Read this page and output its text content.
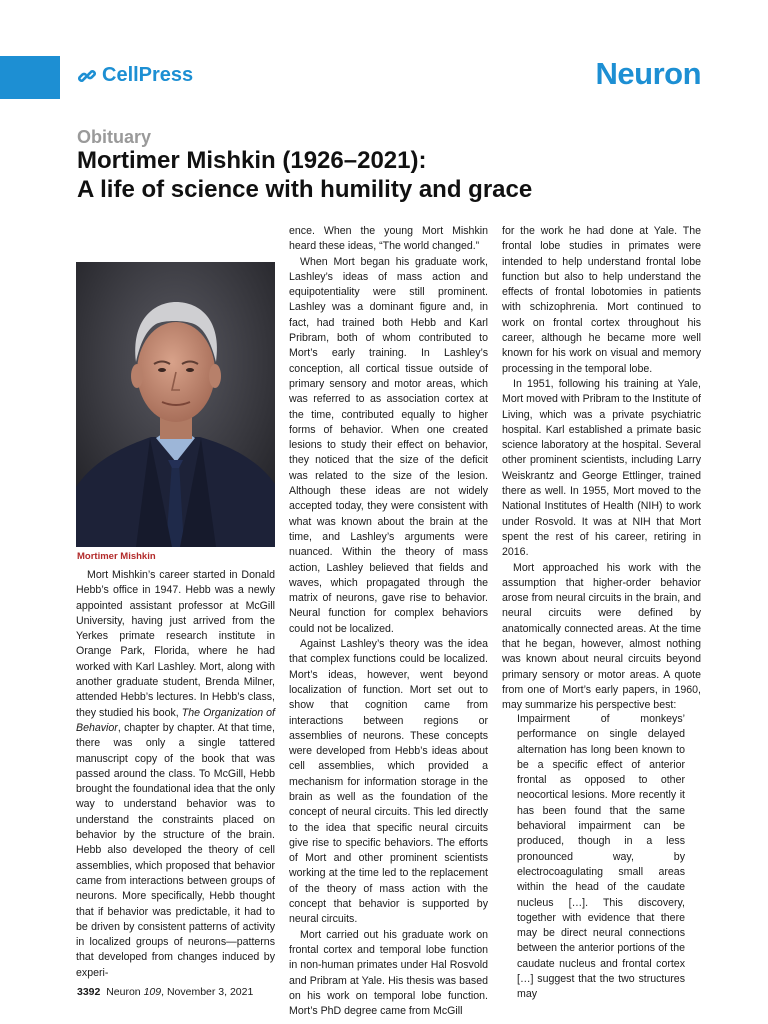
CellPress	Neuron
Obituary
Mortimer Mishkin (1926–2021):
A life of science with humility and grace
Mortimer Mishkin

Mort Mishkin’s career started in Donald Hebb’s office in 1947. Hebb was a newly appointed assistant professor at McGill University, having just arrived from the Yerkes primate research institute in Orange Park, Florida, where he had worked with Karl Lashley. Mort, along with another graduate student, Brenda Milner, attended Hebb’s lectures. In Hebb’s class, they studied his book, The Organization of Behavior, chapter by chapter. At that time, there was only a single tattered manuscript copy of the book that was passed around the class. To McGill, Hebb brought the foundational idea that the only way to understand behavior was to understand the constraints placed on behavior by the structure of the brain. Hebb also developed the theory of cell assemblies, which proposed that behavior came from interactions between groups of neurons. More specifically, Hebb thought that if behavior was predictable, it had to be driven by consistent patterns of activity in localized groups of neurons—patterns that developed from changes induced by experi-

ence. When the young Mort Mishkin heard these ideas, “The world changed.”

When Mort began his graduate work, Lashley’s ideas of mass action and equipotentiality were still prominent. Lashley was a dominant figure and, in fact, had trained both Hebb and Karl Pribram, both of whom contributed to Mort’s early training. In Lashley’s conception, all cortical tissue outside of primary sensory and motor areas, which was referred to as association cortex at the time, contributed equally to higher forms of behavior. When one created lesions to study their effect on behavior, they noticed that the size of the deficit was related to the size of the lesion. Although these ideas are not widely accepted today, they were consistent with what was known about the brain at the time, and Lashley’s arguments were nuanced. Within the theory of mass action, Lashley believed that fields and waves, which propagated through the matrix of neurons, gave rise to behavior. Neural function for complex behaviors could not be localized.

Against Lashley’s theory was the idea that complex functions could be localized. Mort’s ideas, however, went beyond localization of function. Mort set out to show that cognition came from interactions between regions or assemblies of neurons. These concepts were developed from Hebb’s ideas about cell assemblies, which provided a mechanism for information storage in the brain as well as the foundation of the concept of neural circuits. This led directly to the idea that specific neural circuits give rise to specific behaviors. The efforts of Mort and other prominent scientists working at the time led to the replacement of the theory of mass action with the concept that behavior is supported by neural circuits.

Mort carried out his graduate work on frontal cortex and temporal lobe function in non-human primates under Hal Rosvold and Pribram at Yale. His thesis was based on his work on temporal lobe function. Mort’s PhD degree came from McGill

for the work he had done at Yale. The frontal lobe studies in primates were intended to help understand frontal lobe function but also to help understand the effects of frontal lobotomies in patients with schizophrenia. Mort continued to work on frontal cortex throughout his career, although he became more well known for his work on visual and memory processing in the temporal lobe.

In 1951, following his training at Yale, Mort moved with Pribram to the Institute of Living, which was a private psychiatric hospital. Karl established a primate basic science laboratory at the hospital. Several other prominent scientists, including Larry Weiskrantz and George Ettlinger, trained there as well. In 1955, Mort moved to the National Institutes of Health (NIH) to work under Rosvold. It was at NIH that Mort spent the rest of his career, retiring in 2016.

Mort approached his work with the assumption that higher-order behavior arose from neural circuits in the brain, and neural circuits were defined by anatomically connected areas. At the time that he began, however, almost nothing was known about neural circuits beyond primary sensory or motor areas. A quote from one of Mort’s early papers, in 1960, may summarize his perspective best:

Impairment of monkeys’ performance on single delayed alternation has long been known to be a specific effect of anterior frontal as opposed to other neocortical lesions. More recently it has been found that the same behavioral impairment can be produced, though in a less pronounced way, by electrocoagulating small areas within the head of the caudate nucleus […]. This discovery, together with evidence that there may be direct neural connections between the anterior portions of the caudate nucleus and frontal cortex […] suggest that the two structures may

3392 Neuron 109, November 3, 2021
